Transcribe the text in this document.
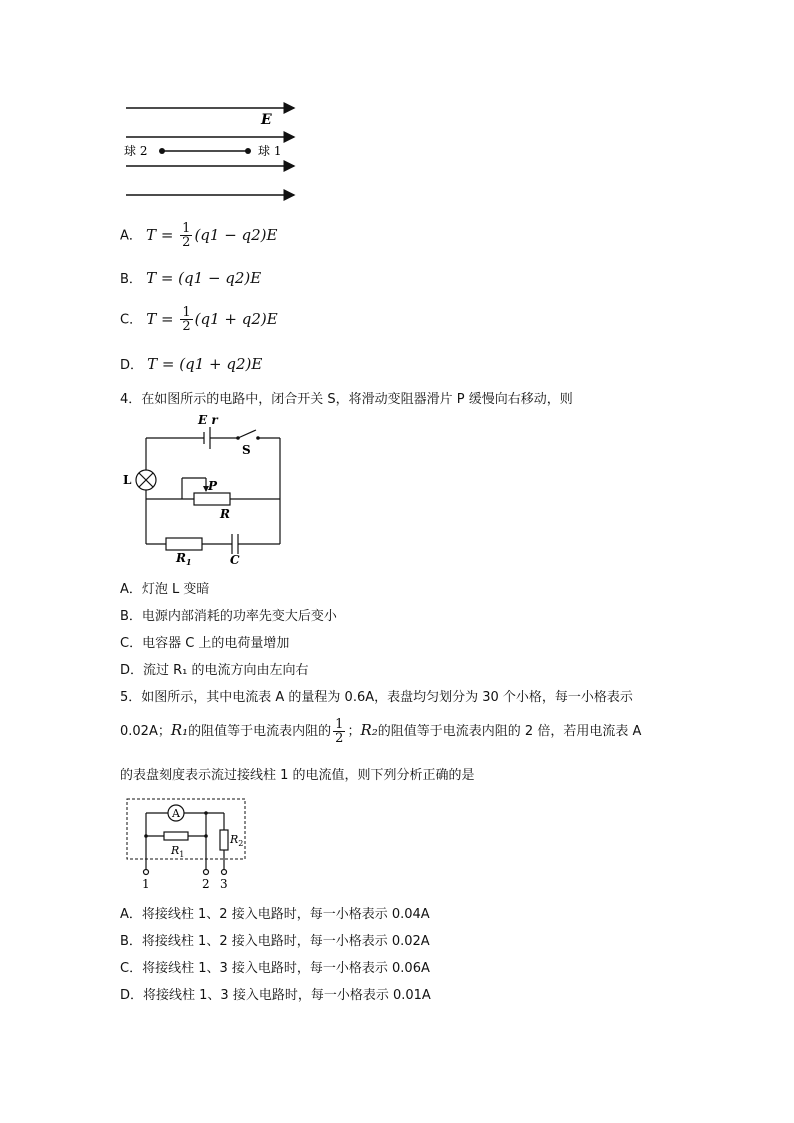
E
球 2	球 1
A． $T = \frac{1}{2} (q1 - q2)E$
B． T = (q1 − q2)E
C． $T = \frac{1}{2} (q1 + q2)E$
D． T = (q1 + q2)E
4．在如图所示的电路中，闭合开关 S，将滑动变阻器滑片 P 缓慢向右移动，则
E r
S
L	P
R
$R_1$	C
A．灯泡 L 变暗
B．电源内部消耗的功率先变大后变小
C．电容器 C 上的电荷量增加
D．流过 R₁ 的电流方向由左向右
5．如图所示，其中电流表 A 的量程为 0.6A，表盘均匀划分为 30 个小格，每一小格表示
0.02A；R₁的阻值等于电流表内阻的 $\frac{1}{2}$ ；R₂的阻值等于电流表内阻的 2 倍，若用电流表 A
的表盘刻度表示流过接线柱 1 的电流值，则下列分析正确的是
A
$R_1$
$R_2$
1	2 3
A．将接线柱 1、2 接入电路时，每一小格表示 0.04A
B．将接线柱 1、2 接入电路时，每一小格表示 0.02A
C．将接线柱 1、3 接入电路时，每一小格表示 0.06A
D．将接线柱 1、3 接入电路时，每一小格表示 0.01A
